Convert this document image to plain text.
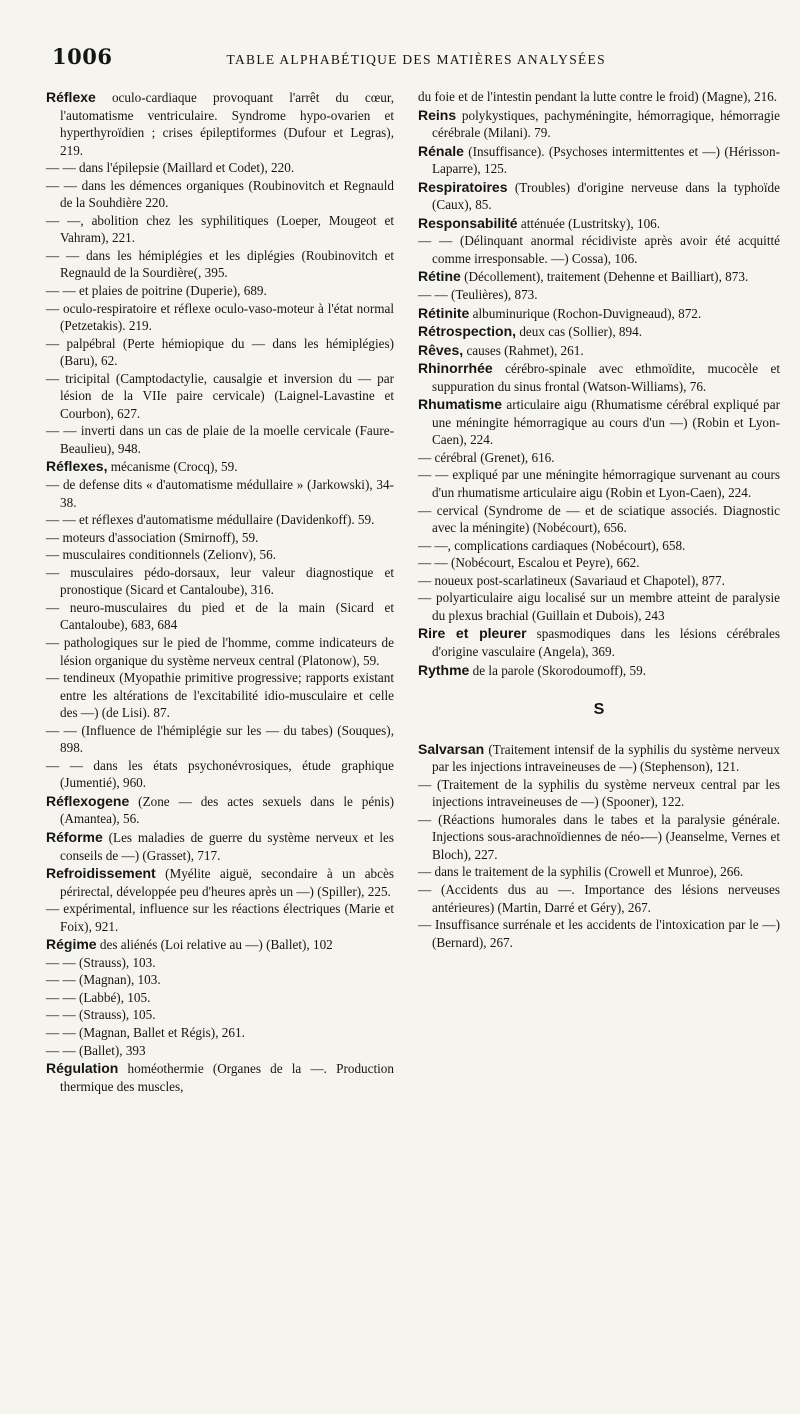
1006	TABLE ALPHABÉTIQUE DES MATIÈRES ANALYSÉES

Réflexe oculo-cardiaque provoquant l'arrêt du cœur, l'automatisme ventriculaire. Syndrome hypo-ovarien et hyperthyroïdien ; crises épileptiformes (Dufour et Legras), 219.

— — dans l'épilepsie (Maillard et Codet), 220.

— — dans les démences organiques (Roubinovitch et Regnauld de la Souhdière 220.

— —, abolition chez les syphilitiques (Loeper, Mougeot et Vahram), 221.

— — dans les hémiplégies et les diplégies (Roubinovitch et Regnauld de la Sourdière(, 395.

— — et plaies de poitrine (Duperie), 689.

— oculo-respiratoire et réflexe oculo-vaso-moteur à l'état normal (Petzetakis). 219.

— palpébral (Perte hémiopique du — dans les hémiplégies) (Baru), 62.

— tricipital (Camptodactylie, causalgie et inversion du — par lésion de la VIIe paire cervicale) (Laignel-Lavastine et Courbon), 627.

— — inverti dans un cas de plaie de la moelle cervicale (Faure-Beaulieu), 948.

Réflexes, mécanisme (Crocq), 59.

— de defense dits « d'automatisme médullaire » (Jarkowski), 34-38.

— — et réflexes d'automatisme médullaire (Davidenkoff). 59.

— moteurs d'association (Smirnoff), 59.

— musculaires conditionnels (Zelionv), 56.

— musculaires pédo-dorsaux, leur valeur diagnostique et pronostique (Sicard et Cantaloube), 316.

— neuro-musculaires du pied et de la main (Sicard et Cantaloube), 683, 684

— pathologiques sur le pied de l'homme, comme indicateurs de lésion organique du système nerveux central (Platonow), 59.

— tendineux (Myopathie primitive progressive; rapports existant entre les altérations de l'excitabilité idio-musculaire et celle des —) (de Lisi). 87.

— — (Influence de l'hémiplégie sur les — du tabes) (Souques), 898.

— — dans les états psychonévrosiques, étude graphique (Jumentié), 960.

Réflexogene (Zone — des actes sexuels dans le pénis) (Amantea), 56.

Réforme (Les maladies de guerre du système nerveux et les conseils de —) (Grasset), 717.

Refroidissement (Myélite aiguë, secondaire à un abcès périrectal, développée peu d'heures après un —) (Spiller), 225.

— expérimental, influence sur les réactions électriques (Marie et Foix), 921.

Régime des aliénés (Loi relative au —) (Ballet), 102

— — (Strauss), 103.

— — (Magnan), 103.

— — (Labbé), 105.

— — (Strauss), 105.

— — (Magnan, Ballet et Régis), 261.

— — (Ballet), 393

Régulation homéothermie (Organes de la —. Production thermique des muscles,

du foie et de l'intestin pendant la lutte contre le froid) (Magne), 216.

Reins polykystiques, pachyméningite, hémorragique, hémorragie cérébrale (Milani). 79.

Rénale (Insuffisance). (Psychoses intermittentes et —) (Hérisson-Laparre), 125.

Respiratoires (Troubles) d'origine nerveuse dans la typhoïde (Caux), 85.

Responsabilité atténuée (Lustritsky), 106.

— — (Délinquant anormal récidiviste après avoir été acquitté comme irresponsable. —) Cossa), 106.

Rétine (Décollement), traitement (Dehenne et Bailliart), 873.

— — (Teulières), 873.

Rétinite albuminurique (Rochon-Duvigneaud), 872.

Rétrospection, deux cas (Sollier), 894.

Rêves, causes (Rahmet), 261.

Rhinorrhée cérébro-spinale avec ethmoïdite, mucocèle et suppuration du sinus frontal (Watson-Williams), 76.

Rhumatisme articulaire aigu (Rhumatisme cérébral expliqué par une méningite hémorragique au cours d'un —) (Robin et Lyon-Caen), 224.

— cérébral (Grenet), 616.

— — expliqué par une méningite hémorragique survenant au cours d'un rhumatisme articulaire aigu (Robin et Lyon-Caen), 224.

— cervical (Syndrome de — et de sciatique associés. Diagnostic avec la méningite) (Nobécourt), 656.

— —, complications cardiaques (Nobécourt), 658.

— — (Nobécourt, Escalou et Peyre), 662.

— noueux post-scarlatineux (Savariaud et Chapotel), 877.

— polyarticulaire aigu localisé sur un membre atteint de paralysie du plexus brachial (Guillain et Dubois), 243

Rire et pleurer spasmodiques dans les lésions cérébrales d'origine vasculaire (Angela), 369.

Rythme de la parole (Skorodoumoff), 59.

S

Salvarsan (Traitement intensif de la syphilis du système nerveux par les injections intraveineuses de —) (Stephenson), 121.

— (Traitement de la syphilis du système nerveux central par les injections intraveineuses de —) (Spooner), 122.

— (Réactions humorales dans le tabes et la paralysie générale. Injections sous-arachnoïdiennes de néo-—) (Jeanselme, Vernes et Bloch), 227.

— dans le traitement de la syphilis (Crowell et Munroe), 266.

— (Accidents dus au —. Importance des lésions nerveuses antérieures) (Martin, Darré et Géry), 267.

— Insuffisance surrénale et les accidents de l'intoxication par le —) (Bernard), 267.
